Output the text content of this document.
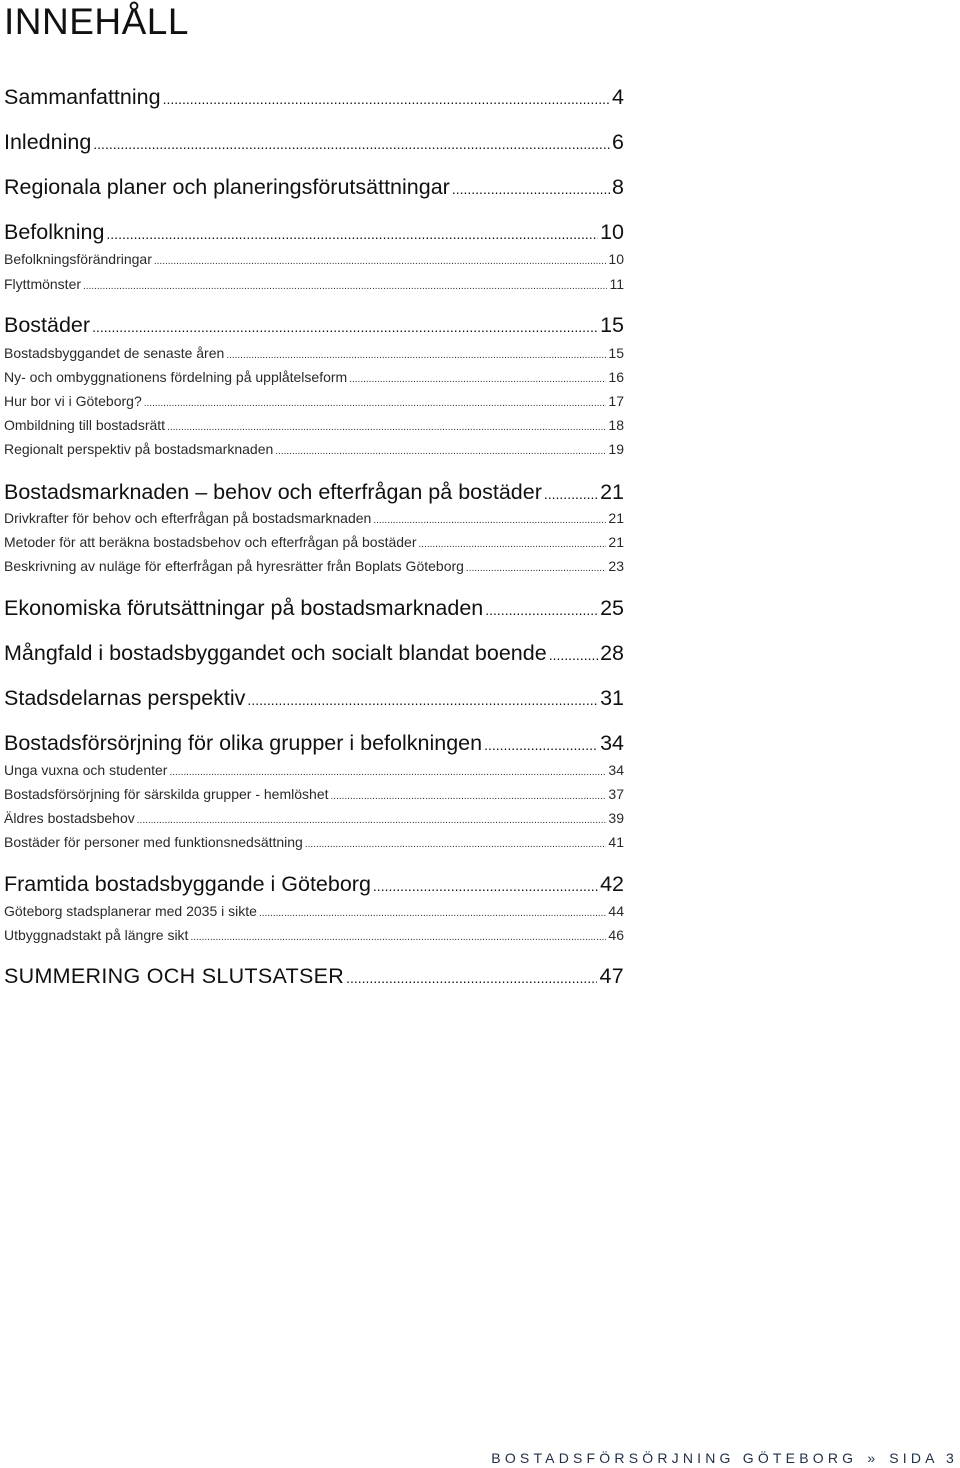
INNEHÅLL
Sammanfattning .....	4
Inledning .....	6
Regionala planer och planeringsförutsättningar .....	8
Befolkning .....	10
Befolkningsförändringar .....	10
Flyttmönster .....	11
Bostäder .....	15
Bostadsbyggandet de senaste åren .....	15
Ny- och ombyggnationens fördelning på upplåtelseform .....	16
Hur bor vi i Göteborg? .....	17
Ombildning till bostadsrätt .....	18
Regionalt perspektiv på bostadsmarknaden .....	19
Bostadsmarknaden – behov och efterfrågan på bostäder .....	21
Drivkrafter för behov och efterfrågan på bostadsmarknaden .....	21
Metoder för att beräkna bostadsbehov och efterfrågan på bostäder .....	21
Beskrivning av nuläge för efterfrågan på hyresrätter från Boplats Göteborg .....	23
Ekonomiska förutsättningar på bostadsmarknaden .....	25
Mångfald i bostadsbyggandet och socialt blandat boende ..... 28
Stadsdelarnas perspektiv .....	31
Bostadsförsörjning för olika grupper i befolkningen .....	34
Unga vuxna och studenter .....	34
Bostadsförsörjning för särskilda grupper - hemlöshet .....	37
Äldres bostadsbehov .....	39
Bostäder för personer med funktionsnedsättning .....	41
Framtida bostadsbyggande i Göteborg .....	42
Göteborg stadsplanerar med 2035 i sikte .....	44
Utbyggnadstakt på längre sikt .....	46
SUMMERING OCH SLUTSATSER .....	47
BOSTADSFÖRSÖRJNING GÖTEBORG » SIDA 3
